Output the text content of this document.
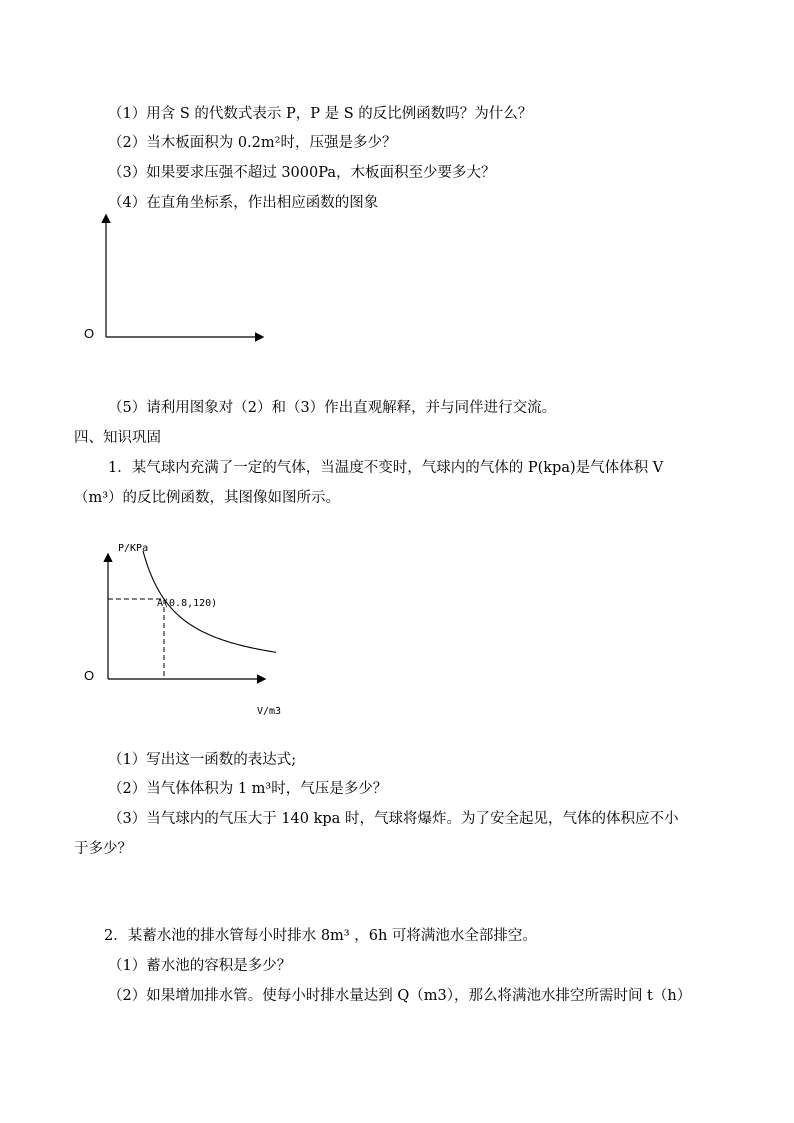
（1）用含 S 的代数式表示 P，P 是 S 的反比例函数吗？为什么？
（2）当木板面积为 0.2m²时，压强是多少？
（3）如果要求压强不超过 3000Pa，木板面积至少要多大？
（4）在直角坐标系，作出相应函数的图象
O
（5）请利用图象对（2）和（3）作出直观解释，并与同伴进行交流。
四、知识巩固
1．某气球内充满了一定的气体，当温度不变时，气球内的气体的 P(kpa)是气体体积 V
（m³）的反比例函数，其图像如图所示。
P/KPa
A(0.8,120)
O
V/m3
（1）写出这一函数的表达式;
（2）当气体体积为 1 m³时，气压是多少？
（3）当气球内的气压大于 140 kpa 时，气球将爆炸。为了安全起见，气体的体积应不小
于多少？
2．某蓄水池的排水管每小时排水 8m³ ，6h 可将满池水全部排空。
（1）蓄水池的容积是多少？
（2）如果增加排水管。使每小时排水量达到 Q（m3），那么将满池水排空所需时间 t（h）
